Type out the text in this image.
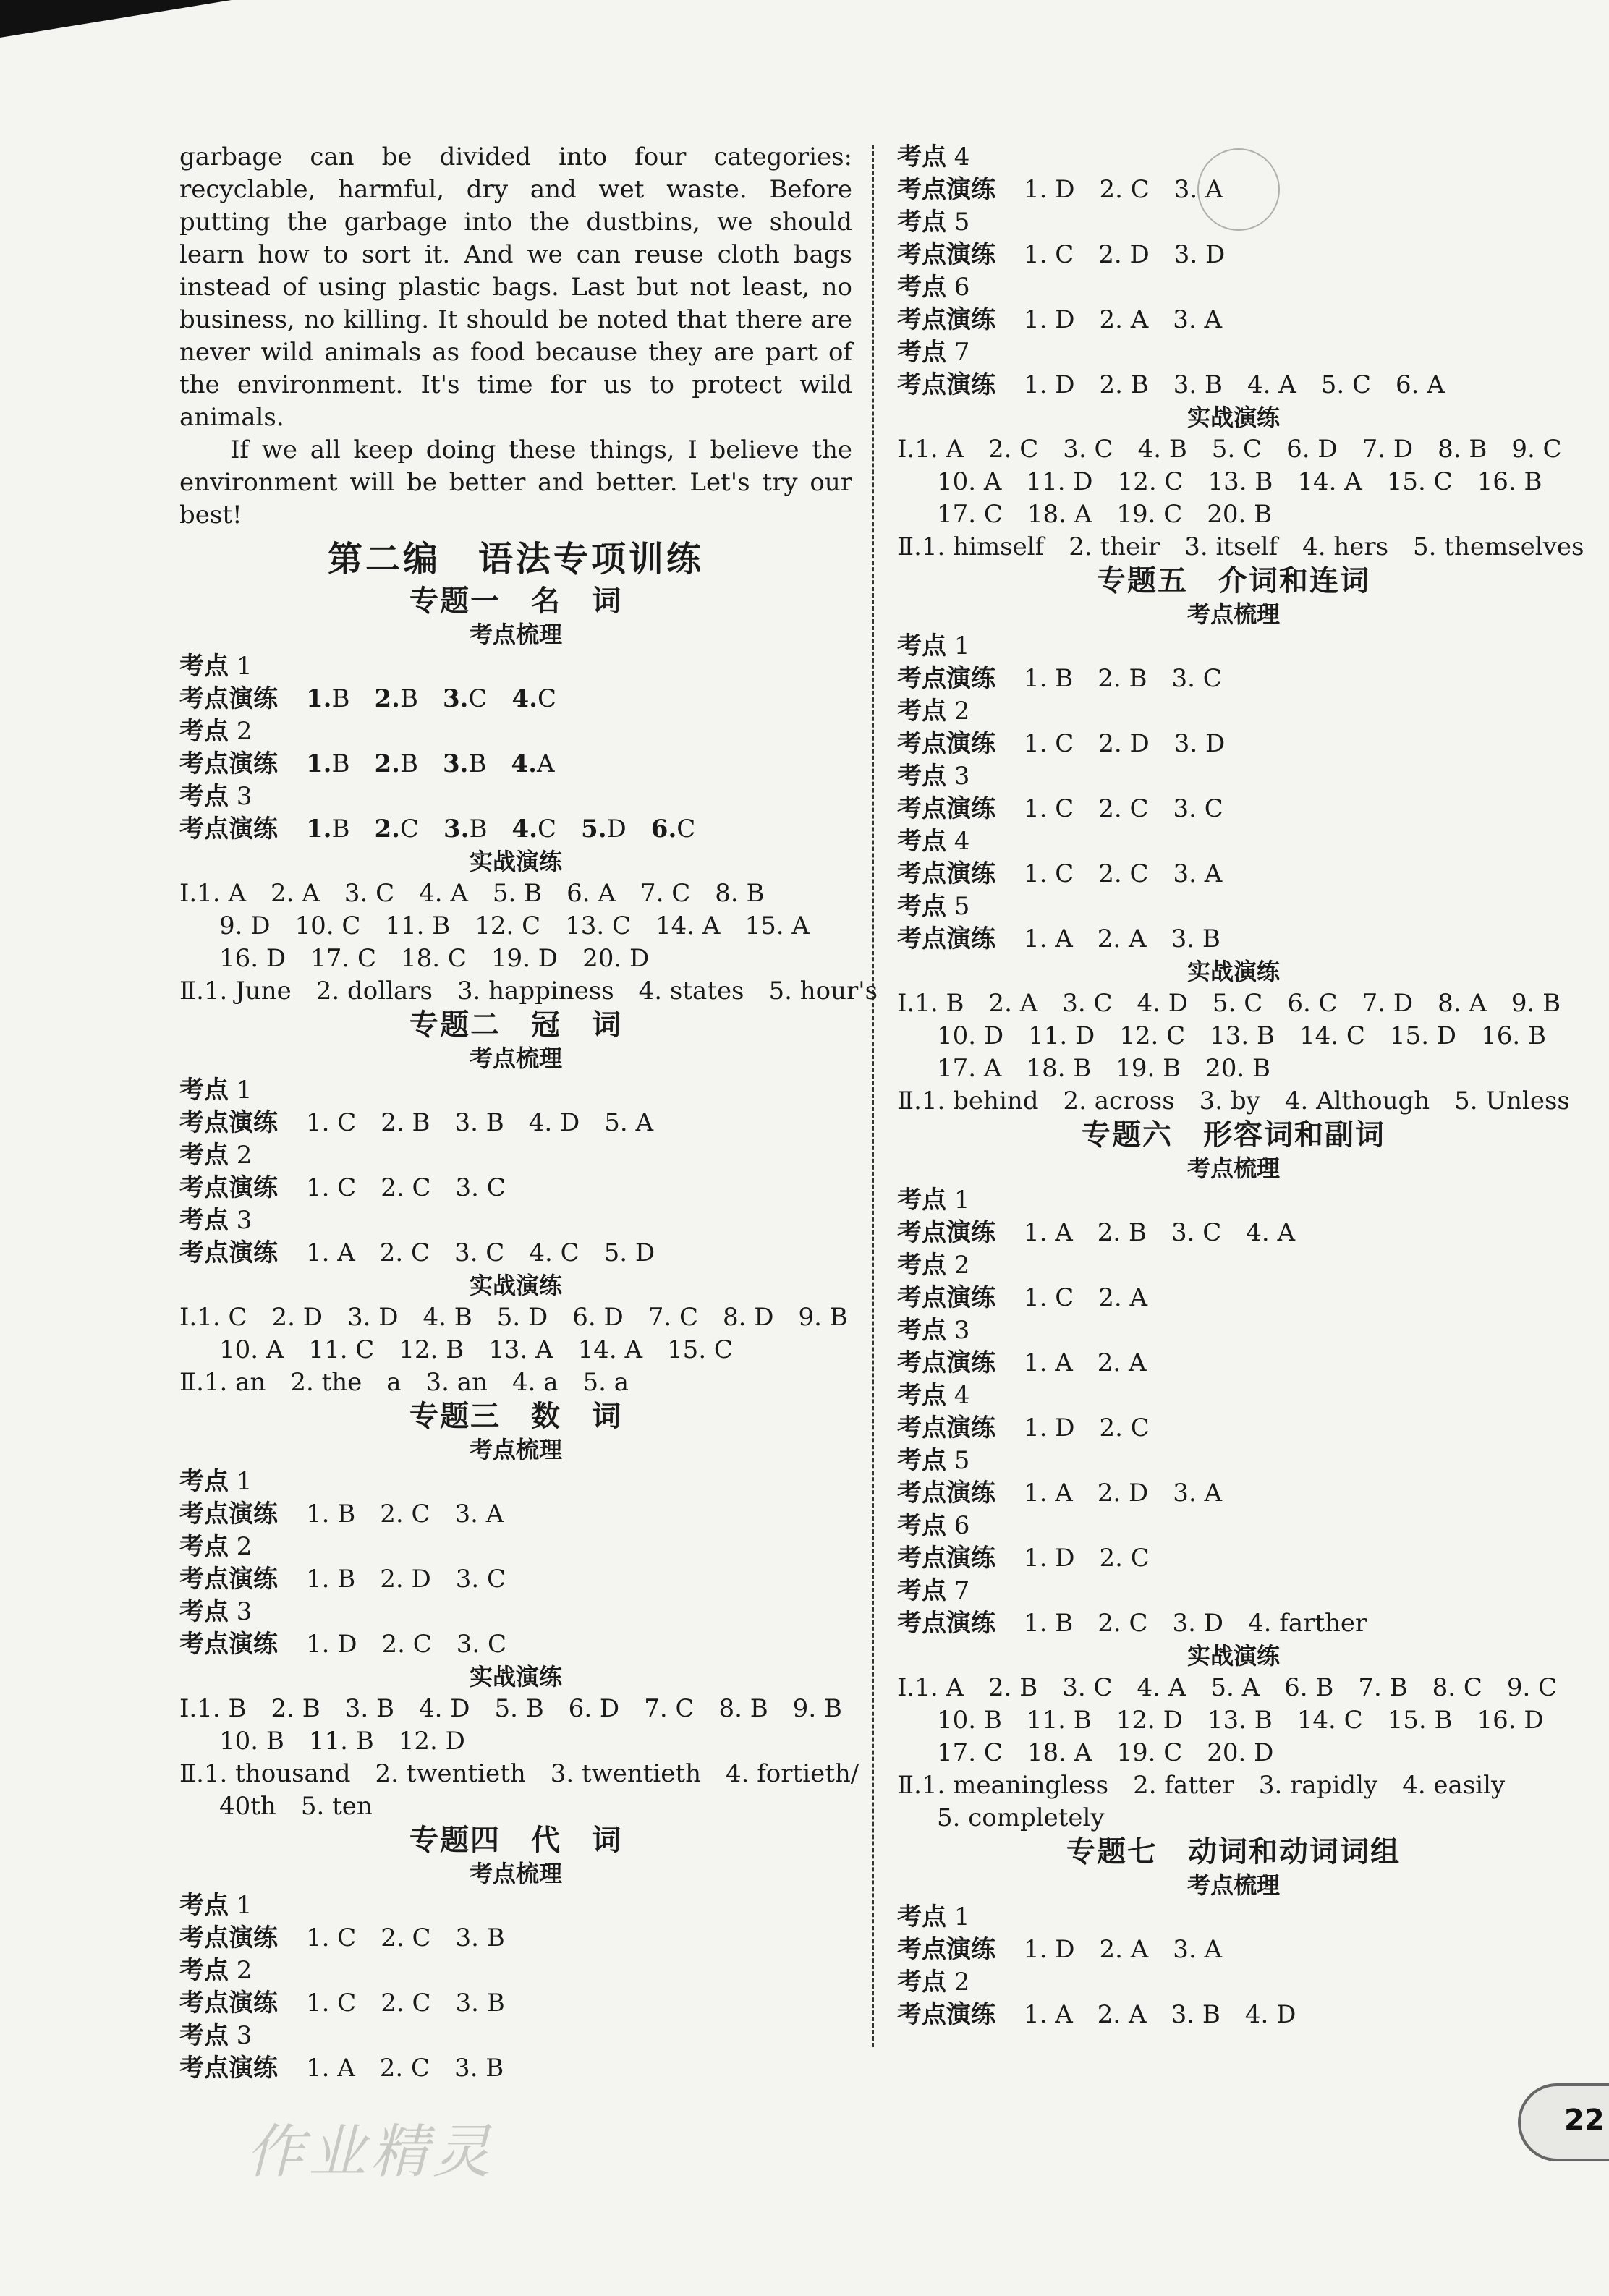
garbage can be divided into four categories: recyclable, harmful, dry and wet waste. Before putting the garbage into the dustbins, we should learn how to sort it. And we can reuse cloth bags instead of using plastic bags. Last but not least, no business, no killing. It should be noted that there are never wild animals as food because they are part of the environment. It's time for us to protect wild animals.

If we all keep doing these things, I believe the environment will be better and better. Let's try our best!

第二编　语法专项训练
专题一　名　词
考点梳理
考点 1
考点演练 1.B 2.B 3.C 4.C
考点 2
考点演练 1.B 2.B 3.B 4.A
考点 3
考点演练 1.B 2.C 3.B 4.C 5.D 6.C
实战演练
Ⅰ.1. A　2. A　3. C　4. A　5. B　6. A　7. C　8. B
9. D　10. C　11. B　12. C　13. C　14. A　15. A
16. D　17. C　18. C　19. D　20. D
Ⅱ.1. June　2. dollars　3. happiness　4. states　5. hour's
专题二　冠　词
考点梳理
考点 1
考点演练 1. C　2. B　3. B　4. D　5. A
考点 2
考点演练 1. C　2. C　3. C
考点 3
考点演练 1. A　2. C　3. C　4. C　5. D
实战演练
Ⅰ.1. C　2. D　3. D　4. B　5. D　6. D　7. C　8. D　9. B
10. A　11. C　12. B　13. A　14. A　15. C
Ⅱ.1. an　2. the　a　3. an　4. a　5. a
专题三　数　词
考点梳理
考点 1
考点演练 1. B　2. C　3. A
考点 2
考点演练 1. B　2. D　3. C
考点 3
考点演练 1. D　2. C　3. C
实战演练
Ⅰ.1. B　2. B　3. B　4. D　5. B　6. D　7. C　8. B　9. B
10. B　11. B　12. D
Ⅱ.1. thousand　2. twentieth　3. twentieth　4. fortieth/
40th　5. ten
专题四　代　词
考点梳理
考点 1
考点演练 1. C　2. C　3. B
考点 2
考点演练 1. C　2. C　3. B
考点 3
考点演练 1. A　2. C　3. B
考点 4
考点演练 1. D　2. C　3. A
考点 5
考点演练 1. C　2. D　3. D
考点 6
考点演练 1. D　2. A　3. A
考点 7
考点演练 1. D　2. B　3. B　4. A　5. C　6. A
实战演练
Ⅰ.1. A　2. C　3. C　4. B　5. C　6. D　7. D　8. B　9. C
10. A　11. D　12. C　13. B　14. A　15. C　16. B
17. C　18. A　19. C　20. B
Ⅱ.1. himself　2. their　3. itself　4. hers　5. themselves
专题五　介词和连词
考点梳理
考点 1
考点演练 1. B　2. B　3. C
考点 2
考点演练 1. C　2. D　3. D
考点 3
考点演练 1. C　2. C　3. C
考点 4
考点演练 1. C　2. C　3. A
考点 5
考点演练 1. A　2. A　3. B
实战演练
Ⅰ.1. B　2. A　3. C　4. D　5. C　6. C　7. D　8. A　9. B
10. D　11. D　12. C　13. B　14. C　15. D　16. B
17. A　18. B　19. B　20. B
Ⅱ.1. behind　2. across　3. by　4. Although　5. Unless
专题六　形容词和副词
考点梳理
考点 1
考点演练 1. A　2. B　3. C　4. A
考点 2
考点演练 1. C　2. A
考点 3
考点演练 1. A　2. A
考点 4
考点演练 1. D　2. C
考点 5
考点演练 1. A　2. D　3. A
考点 6
考点演练 1. D　2. C
考点 7
考点演练 1. B　2. C　3. D　4. farther
实战演练
Ⅰ.1. A　2. B　3. C　4. A　5. A　6. B　7. B　8. C　9. C
10. B　11. B　12. D　13. B　14. C　15. B　16. D
17. C　18. A　19. C　20. D
Ⅱ.1. meaningless　2. fatter　3. rapidly　4. easily
5. completely
专题七　动词和动词词组
考点梳理
考点 1
考点演练 1. D　2. A　3. A
考点 2
考点演练 1. A　2. A　3. B　4. D
作业精灵	22
